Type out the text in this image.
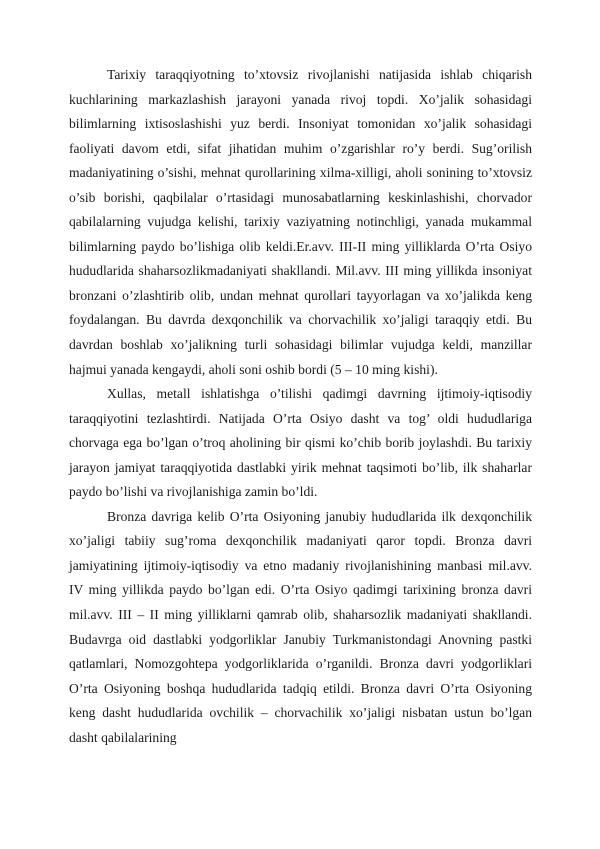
Tarixiy taraqqiyotning to’xtovsiz rivojlanishi natijasida ishlab chiqarish kuchlarining markazlashish jarayoni yanada rivoj topdi. Xo’jalik sohasidagi bilimlarning ixtisoslashishi yuz berdi. Insoniyat tomonidan xo’jalik sohasidagi faoliyati davom etdi, sifat jihatidan muhim o’zgarishlar ro’y berdi. Sug’orilish madaniyatining o’sishi, mehnat qurollarining xilma-xilligi, aholi sonining to’xtovsiz o’sib borishi, qaqbilalar o’rtasidagi munosabatlarning keskinlashishi, chorvador qabilalarning vujudga kelishi, tarixiy vaziyatning notinchligi, yanada mukammal bilimlarning paydo bo’lishiga olib keldi.Er.avv. III-II ming yilliklarda O’rta Osiyo hududlarida shaharsozlikmadaniyati shakllandi. Mil.avv. III ming yillikda insoniyat bronzani o’zlashtirib olib, undan mehnat qurollari tayyorlagan va xo’jalikda keng foydalangan. Bu davrda dexqonchilik va chorvachilik xo’jaligi taraqqiy etdi. Bu davrdan boshlab xo’jalikning turli sohasidagi bilimlar vujudga keldi, manzillar hajmui yanada kengaydi, aholi soni oshib bordi (5 – 10 ming kishi).

Xullas, metall ishlatishga o’tilishi qadimgi davrning ijtimoiy-iqtisodiy taraqqiyotini tezlashtirdi. Natijada O’rta Osiyo dasht va tog’ oldi hududlariga chorvaga ega bo’lgan o’troq aholining bir qismi ko’chib borib joylashdi. Bu tarixiy jarayon jamiyat taraqqiyotida dastlabki yirik mehnat taqsimoti bo’lib, ilk shaharlar paydo bo’lishi va rivojlanishiga zamin bo’ldi.

Bronza davriga kelib O’rta Osiyoning janubiy hududlarida ilk dexqonchilik xo’jaligi tabiiy sug’roma dexqonchilik madaniyati qaror topdi. Bronza davri jamiyatining ijtimoiy-iqtisodiy va etno madaniy rivojlanishining manbasi mil.avv. IV ming yillikda paydo bo’lgan edi. O’rta Osiyo qadimgi tarixining bronza davri mil.avv. III – II ming yilliklarni qamrab olib, shaharsozlik madaniyati shakllandi. Budavrga oid dastlabki yodgorliklar Janubiy Turkmanistondagi Anovning pastki qatlamlari, Nomozgohtepa yodgorliklarida o’rganildi. Bronza davri yodgorliklari O’rta Osiyoning boshqa hududlarida tadqiq etildi. Bronza davri O’rta Osiyoning keng dasht hududlarida ovchilik – chorvachilik xo’jaligi nisbatan ustun bo’lgan dasht qabilalarining
